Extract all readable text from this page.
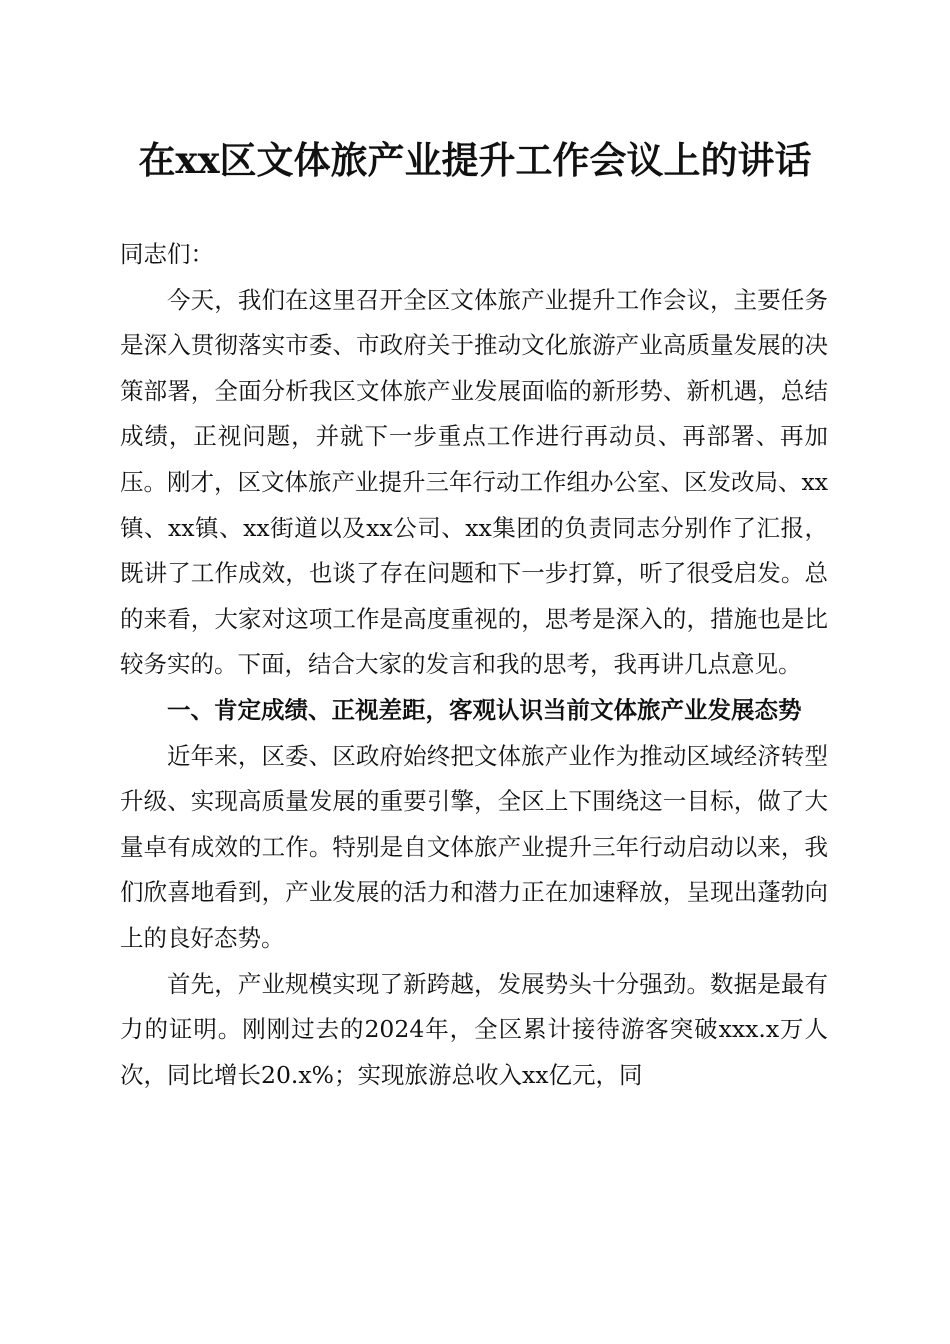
在xx区文体旅产业提升工作会议上的讲话

同志们：

今天，我们在这里召开全区文体旅产业提升工作会议，主要任务是深入贯彻落实市委、市政府关于推动文化旅游产业高质量发展的决策部署，全面分析我区文体旅产业发展面临的新形势、新机遇，总结成绩，正视问题，并就下一步重点工作进行再动员、再部署、再加压。刚才，区文体旅产业提升三年行动工作组办公室、区发改局、xx镇、xx镇、xx街道以及xx公司、xx集团的负责同志分别作了汇报，既讲了工作成效，也谈了存在问题和下一步打算，听了很受启发。总的来看，大家对这项工作是高度重视的，思考是深入的，措施也是比较务实的。下面，结合大家的发言和我的思考，我再讲几点意见。

一、肯定成绩、正视差距，客观认识当前文体旅产业发展态势

近年来，区委、区政府始终把文体旅产业作为推动区域经济转型升级、实现高质量发展的重要引擎，全区上下围绕这一目标，做了大量卓有成效的工作。特别是自文体旅产业提升三年行动启动以来，我们欣喜地看到，产业发展的活力和潜力正在加速释放，呈现出蓬勃向上的良好态势。

首先，产业规模实现了新跨越，发展势头十分强劲。数据是最有力的证明。刚刚过去的2024年，全区累计接待游客突破xxx.x万人次，同比增长20.x%；实现旅游总收入xx亿元，同
